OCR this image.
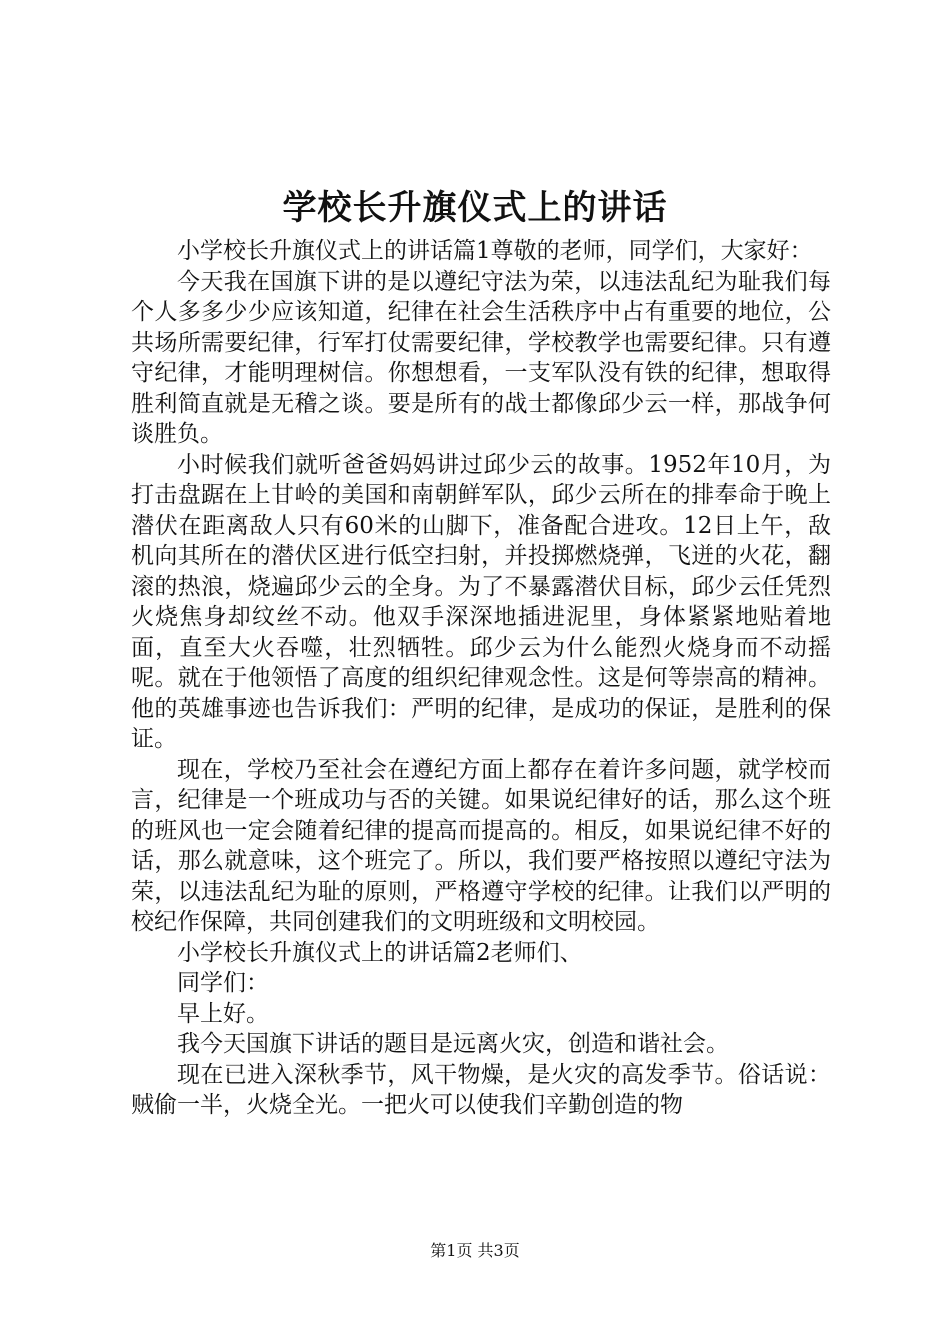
学校长升旗仪式上的讲话

小学校长升旗仪式上的讲话篇1尊敬的老师，同学们，大家好：

今天我在国旗下讲的是以遵纪守法为荣，以违法乱纪为耻我们每个人多多少少应该知道，纪律在社会生活秩序中占有重要的地位，公共场所需要纪律，行军打仗需要纪律，学校教学也需要纪律。只有遵守纪律，才能明理树信。你想想看，一支军队没有铁的纪律，想取得胜利简直就是无稽之谈。要是所有的战士都像邱少云一样，那战争何谈胜负。

小时候我们就听爸爸妈妈讲过邱少云的故事。1952年10月，为打击盘踞在上甘岭的美国和南朝鲜军队，邱少云所在的排奉命于晚上潜伏在距离敌人只有60米的山脚下，准备配合进攻。12日上午，敌机向其所在的潜伏区进行低空扫射，并投掷燃烧弹，飞迸的火花，翻滚的热浪，烧遍邱少云的全身。为了不暴露潜伏目标，邱少云任凭烈火烧焦身却纹丝不动。他双手深深地插进泥里，身体紧紧地贴着地面，直至大火吞噬，壮烈牺牲。邱少云为什么能烈火烧身而不动摇呢。就在于他领悟了高度的组织纪律观念性。这是何等崇高的精神。他的英雄事迹也告诉我们：严明的纪律，是成功的保证，是胜利的保证。

现在，学校乃至社会在遵纪方面上都存在着许多问题，就学校而言，纪律是一个班成功与否的关键。如果说纪律好的话，那么这个班的班风也一定会随着纪律的提高而提高的。相反，如果说纪律不好的话，那么就意味，这个班完了。所以，我们要严格按照以遵纪守法为荣，以违法乱纪为耻的原则，严格遵守学校的纪律。让我们以严明的校纪作保障，共同创建我们的文明班级和文明校园。

小学校长升旗仪式上的讲话篇2老师们、

同学们：

早上好。

我今天国旗下讲话的题目是远离火灾，创造和谐社会。

现在已进入深秋季节，风干物燥，是火灾的高发季节。俗话说：贼偷一半，火烧全光。一把火可以使我们辛勤创造的物

第1页 共3页
